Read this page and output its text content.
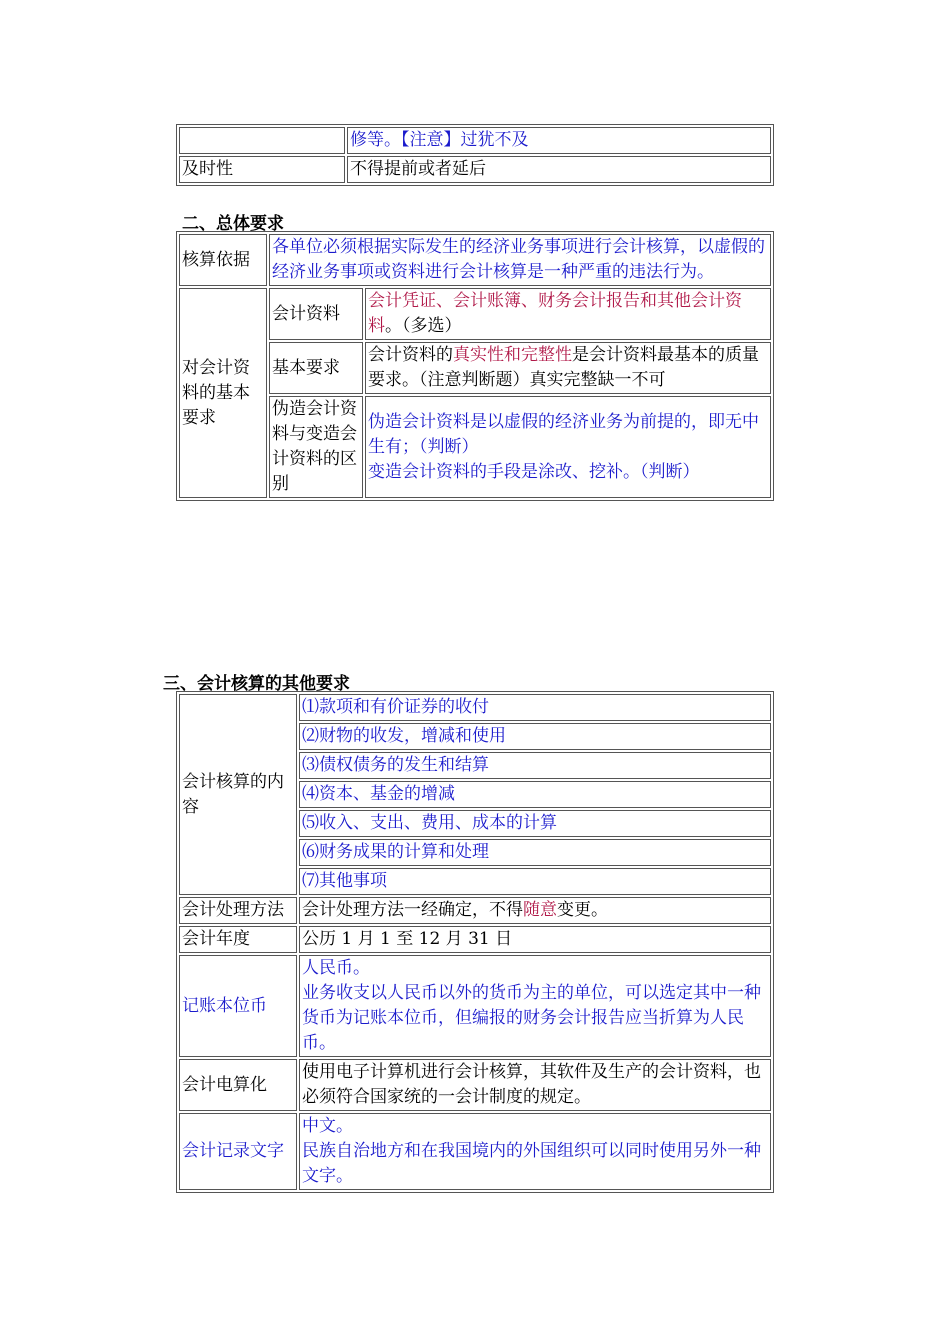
	修等。【注意】过犹不及
及时性	不得提前或者延后
二、总体要求
核算依据	各单位必须根据实际发生的经济业务事项进行会计核算，以虚假的经济业务事项或资料进行会计核算是一种严重的违法行为。	
对会计资料的基本要求	会计资料	会计凭证、会计账簿、财务会计报告和其他会计资料。（多选）
	基本要求	会计资料的真实性和完整性是会计资料最基本的质量要求。（注意判断题）真实完整缺一不可
	伪造会计资料与变造会计资料的区别	伪造会计资料是以虚假的经济业务为前提的，即无中生有；（判断）
变造会计资料的手段是涂改、挖补。（判断）
三、会计核算的其他要求
会计核算的内容	⑴款项和有价证券的收付
	⑵财物的收发，增减和使用
	⑶债权债务的发生和结算
	⑷资本、基金的增减
	⑸收入、支出、费用、成本的计算
	⑹财务成果的计算和处理
	⑺其他事项
会计处理方法	会计处理方法一经确定，不得随意变更。
会计年度	公历 1 月 1 至 12 月 31 日
记账本位币	人民币。
业务收支以人民币以外的货币为主的单位，可以选定其中一种货币为记账本位币，但编报的财务会计报告应当折算为人民币。

会计电算化	使用电子计算机进行会计核算，其软件及生产的会计资料，也必须符合国家统的一会计制度的规定。
会计记录文字	中文。
民族自治地方和在我国境内的外国组织可以同时使用另外一种文字。
